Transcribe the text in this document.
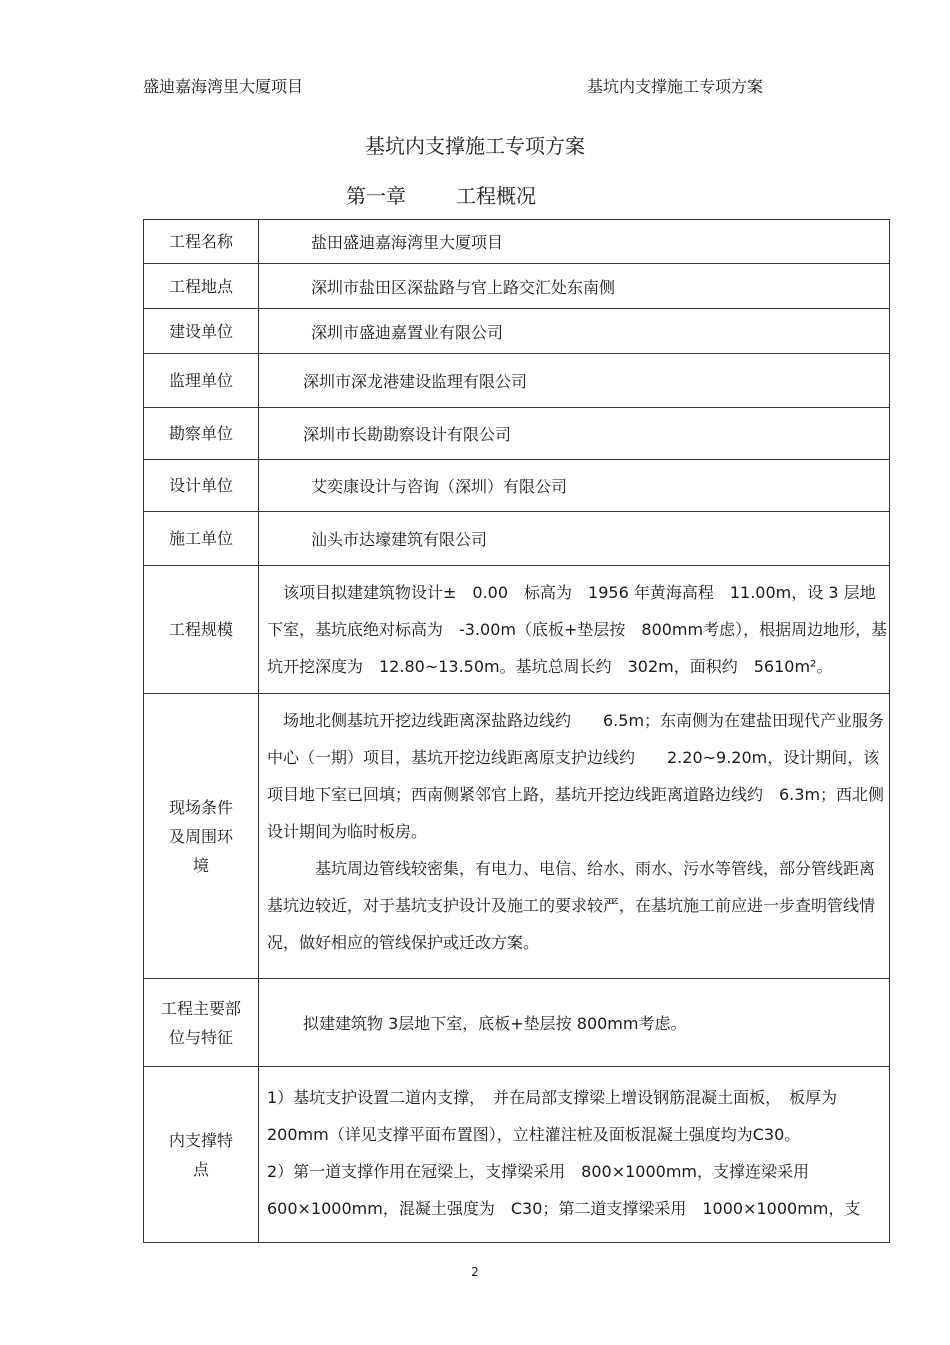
盛迪嘉海湾里大厦项目	基坑内支撑施工专项方案
基坑内支撑施工专项方案
第一章	工程概况
工程名称	盐田盛迪嘉海湾里大厦项目
工程地点	深圳市盐田区深盐路与官上路交汇处东南侧
建设单位	深圳市盛迪嘉置业有限公司
监理单位	深圳市深龙港建设监理有限公司
勘察单位	深圳市长勘勘察设计有限公司
设计单位	艾奕康设计与咨询（深圳）有限公司
施工单位	汕头市达壕建筑有限公司
工程规模	该项目拟建建筑物设计±　0.00　标高为　1956 年黄海高程　11.00m，设 3 层地下室，基坑底绝对标高为　-3.00m（底板+垫层按　800mm考虑），根据周边地形，基坑开挖深度为　12.80~13.50m。基坑总周长约　302m，面积约　5610m²。

现场条件及周围环境	场地北侧基坑开挖边线距离深盐路边线约　　6.5m；东南侧为在建盐田现代产业服务中心（一期）项目，基坑开挖边线距离原支护边线约　　2.20~9.20m，设计期间，该项目地下室已回填；西南侧紧邻官上路，基坑开挖边线距离道路边线约　6.3m；西北侧设计期间为临时板房。

基坑周边管线较密集，有电力、电信、给水、雨水、污水等管线，部分管线距离基坑边较近，对于基坑支护设计及施工的要求较严，在基坑施工前应进一步查明管线情况，做好相应的管线保护或迁改方案。

工程主要部位与特征	拟建建筑物 3层地下室，底板+垫层按 800mm考虑。
内支撑特点	1）基坑支护设置二道内支撑，　并在局部支撑梁上增设钢筋混凝土面板，　板厚为200mm（详见支撑平面布置图），立柱灌注桩及面板混凝土强度均为C30。

2）第一道支撑作用在冠梁上，支撑梁采用　800×1000mm，支撑连梁采用600×1000mm，混凝土强度为　C30；第二道支撑梁采用　1000×1000mm，支

2
